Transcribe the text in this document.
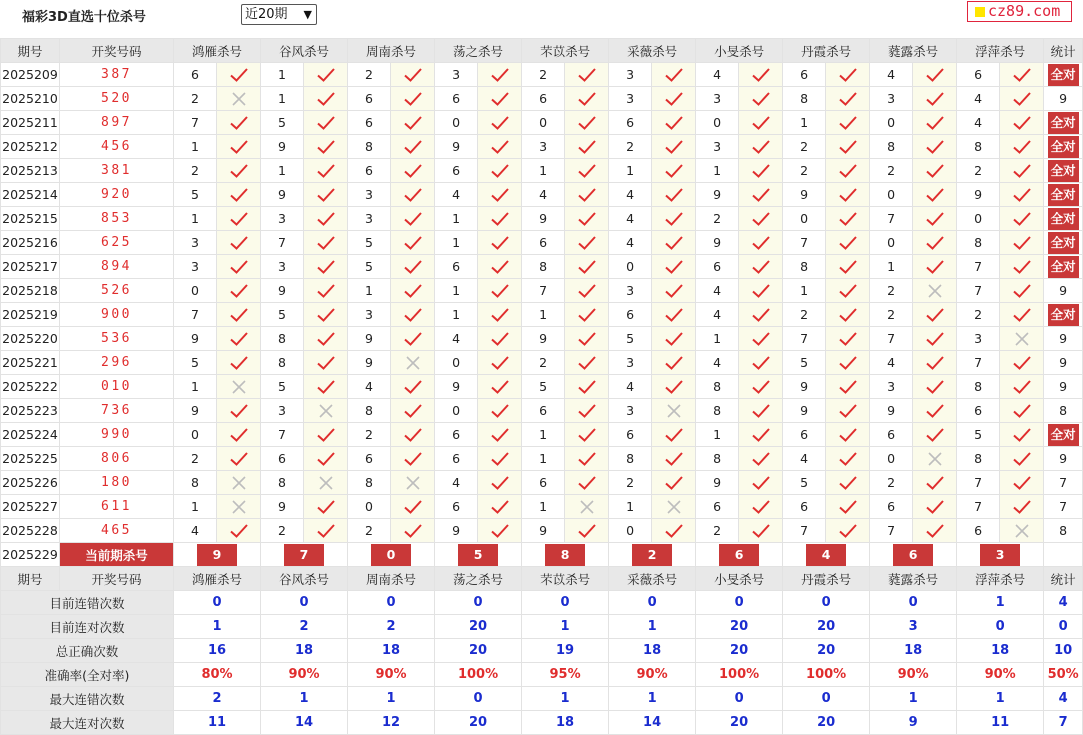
福彩3D直选十位杀号	近20期 ▼	cz89.com
期号	开奖号码	鸿雁杀号		谷风杀号		周南杀号		荡之杀号		芣苡杀号		采薇杀号		小旻杀号		丹霞杀号		蕤露杀号		浮萍杀号		统计
2025209	387	6		1		2		3		2		3		4		6		4		6		全对
2025210	520	2		1		6		6		6		3		3		8		3		4		9
2025211	897	7		5		6		0		0		6		0		1		0		4		全对
2025212	456	1		9		8		9		3		2		3		2		8		8		全对
2025213	381	2		1		6		6		1		1		1		2		2		2		全对
2025214	920	5		9		3		4		4		4		9		9		0		9		全对
2025215	853	1		3		3		1		9		4		2		0		7		0		全对
2025216	625	3		7		5		1		6		4		9		7		0		8		全对
2025217	894	3		3		5		6		8		0		6		8		1		7		全对
2025218	526	0		9		1		1		7		3		4		1		2		7		9
2025219	900	7		5		3		1		1		6		4		2		2		2		全对
2025220	536	9		8		9		4		9		5		1		7		7		3		9
2025221	296	5		8		9		0		2		3		4		5		4		7		9
2025222	010	1		5		4		9		5		4		8		9		3		8		9
2025223	736	9		3		8		0		6		3		8		9		9		6		8
2025224	990	0		7		2		6		1		6		1		6		6		5		全对
2025225	806	2		6		6		6		1		8		8		4		0		8		9
2025226	180	8		8		8		4		6		2		9		5		2		7		7
2025227	611	1		9		0		6		1		1		6		6		6		7		7
2025228	465	4		2		2		9		9		0		2		7		7		6		8
2025229	当前期杀号	9		7		0		5		8		2		6		4		6		3		
期号	开奖号码	鸿雁杀号		谷风杀号		周南杀号		荡之杀号		芣苡杀号		采薇杀号		小旻杀号		丹霞杀号		蕤露杀号		浮萍杀号		统计
目前连错次数		0		0		0		0		0		0		0		0		0		1		4
目前连对次数		1		2		2		20		1		1		20		20		3		0		0
总正确次数		16		18		18		20		19		18		20		20		18		18		10
准确率(全对率)		80%		90%		90%		100%		95%		90%		100%		100%		90%		90%		50%
最大连错次数		2		1		1		0		1		1		0		0		1		1		4
最大连对次数		11		14		12		20		18		14		20		20		9		11		7
